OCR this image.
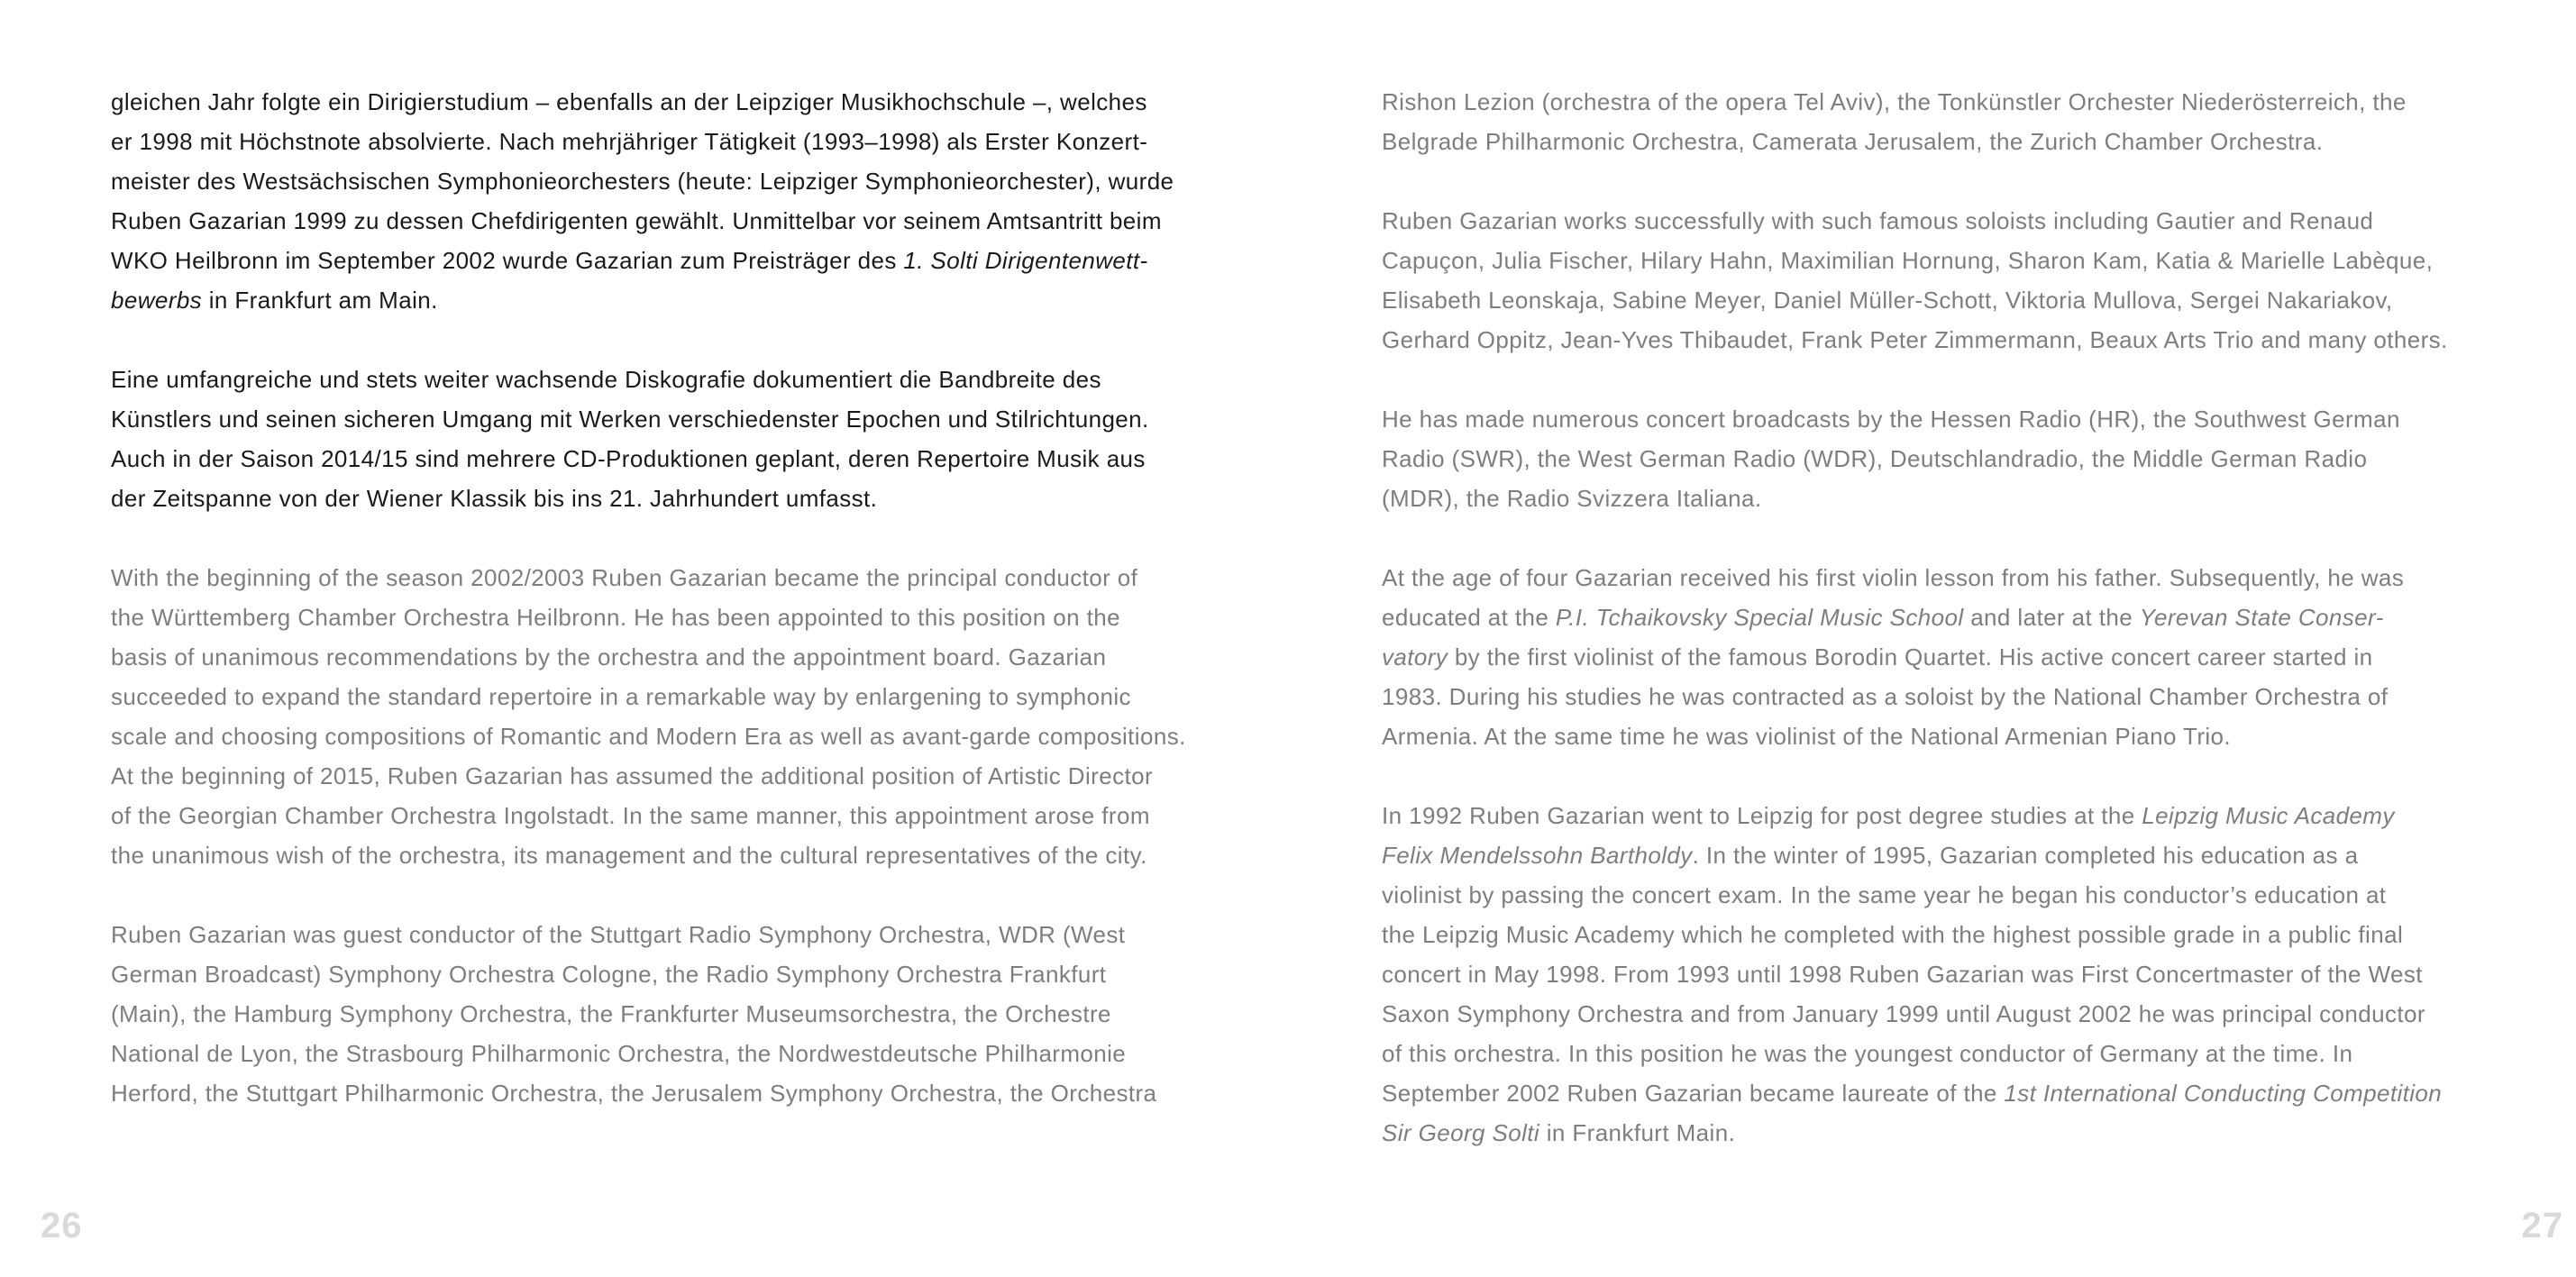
gleichen Jahr folgte ein Dirigierstudium – ebenfalls an der Leipziger Musikhochschule –, welches
er 1998 mit Höchstnote absolvierte. Nach mehrjähriger Tätigkeit (1993–1998) als Erster Konzert-
meister des Westsächsischen Symphonieorchesters (heute: Leipziger Symphonieorchester), wurde
Ruben Gazarian 1999 zu dessen Chefdirigenten gewählt. Unmittelbar vor seinem Amtsantritt beim
WKO Heilbronn im September 2002 wurde Gazarian zum Preisträger des 1. Solti Dirigentenwett-
bewerbs in Frankfurt am Main.

Eine umfangreiche und stets weiter wachsende Diskografie dokumentiert die Bandbreite des
Künstlers und seinen sicheren Umgang mit Werken verschiedenster Epochen und Stilrichtungen.
Auch in der Saison 2014/15 sind mehrere CD-Produktionen geplant, deren Repertoire Musik aus
der Zeitspanne von der Wiener Klassik bis ins 21. Jahrhundert umfasst.

With the beginning of the season 2002/2003 Ruben Gazarian became the principal conductor of
the Württemberg Chamber Orchestra Heilbronn. He has been appointed to this position on the
basis of unanimous recommendations by the orchestra and the appointment board. Gazarian
succeeded to expand the standard repertoire in a remarkable way by enlargening to symphonic
scale and choosing compositions of Romantic and Modern Era as well as avant-garde compositions.
At the beginning of 2015, Ruben Gazarian has assumed the additional position of Artistic Director
of the Georgian Chamber Orchestra Ingolstadt. In the same manner, this appointment arose from
the unanimous wish of the orchestra, its management and the cultural representatives of the city.

Ruben Gazarian was guest conductor of the Stuttgart Radio Symphony Orchestra, WDR (West
German Broadcast) Symphony Orchestra Cologne, the Radio Symphony Orchestra Frankfurt
(Main), the Hamburg Symphony Orchestra, the Frankfurter Museumsorchestra, the Orchestre
National de Lyon, the Strasbourg Philharmonic Orchestra, the Nordwestdeutsche Philharmonie
Herford, the Stuttgart Philharmonic Orchestra, the Jerusalem Symphony Orchestra, the Orchestra

26

Rishon Lezion (orchestra of the opera Tel Aviv), the Tonkünstler Orchester Niederösterreich, the
Belgrade Philharmonic Orchestra, Camerata Jerusalem, the Zurich Chamber Orchestra.

Ruben Gazarian works successfully with such famous soloists including Gautier and Renaud
Capuçon, Julia Fischer, Hilary Hahn, Maximilian Hornung, Sharon Kam, Katia & Marielle Labèque,
Elisabeth Leonskaja, Sabine Meyer, Daniel Müller-Schott, Viktoria Mullova, Sergei Nakariakov,
Gerhard Oppitz, Jean-Yves Thibaudet, Frank Peter Zimmermann, Beaux Arts Trio and many others.

He has made numerous concert broadcasts by the Hessen Radio (HR), the Southwest German
Radio (SWR), the West German Radio (WDR), Deutschlandradio, the Middle German Radio
(MDR), the Radio Svizzera Italiana.

At the age of four Gazarian received his first violin lesson from his father. Subsequently, he was
educated at the P.I. Tchaikovsky Special Music School and later at the Yerevan State Conser-
vatory by the first violinist of the famous Borodin Quartet. His active concert career started in
1983. During his studies he was contracted as a soloist by the National Chamber Orchestra of
Armenia. At the same time he was violinist of the National Armenian Piano Trio.

In 1992 Ruben Gazarian went to Leipzig for post degree studies at the Leipzig Music Academy
Felix Mendelssohn Bartholdy. In the winter of 1995, Gazarian completed his education as a
violinist by passing the concert exam. In the same year he began his conductor’s education at
the Leipzig Music Academy which he completed with the highest possible grade in a public final
concert in May 1998. From 1993 until 1998 Ruben Gazarian was First Concertmaster of the West
Saxon Symphony Orchestra and from January 1999 until August 2002 he was principal conductor
of this orchestra. In this position he was the youngest conductor of Germany at the time. In
September 2002 Ruben Gazarian became laureate of the 1st International Conducting Competition
Sir Georg Solti in Frankfurt Main.

27
